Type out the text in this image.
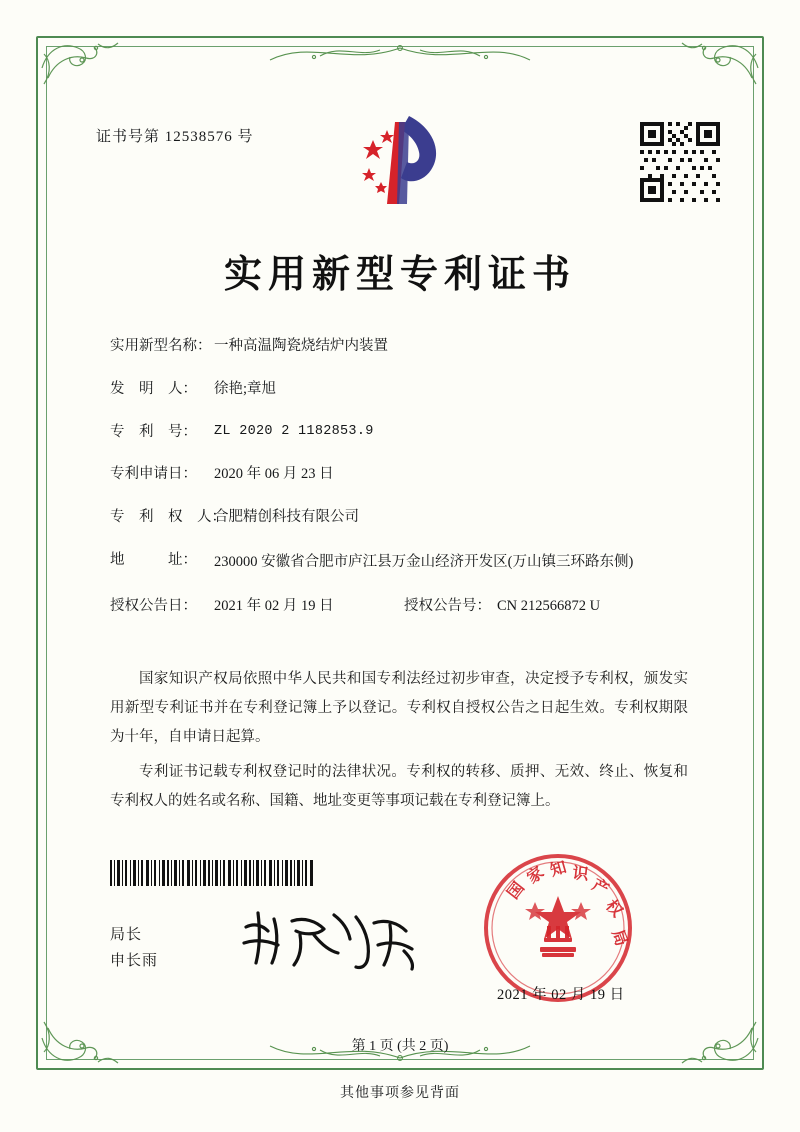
证书号第 12538576 号
实用新型专利证书
实用新型名称： 一种高温陶瓷烧结炉内装置
发　明　人：	徐艳;章旭
专　利　号：	ZL 2020 2 1182853.9
专利申请日：	2020 年 06 月 23 日
专　利　权　人：
合肥精创科技有限公司
地　　　址：	230000 安徽省合肥市庐江县万金山经济开发区(万山镇三环路东侧)
授权公告日：	2021 年 02 月 19 日	授权公告号： CN 212566872 U

国家知识产权局依照中华人民共和国专利法经过初步审查，决定授予专利权，颁发实用新型专利证书并在专利登记簿上予以登记。专利权自授权公告之日起生效。专利权期限为十年，自申请日起算。

专利证书记载专利权登记时的法律状况。专利权的转移、质押、无效、终止、恢复和专利权人的姓名或名称、国籍、地址变更等事项记载在专利登记簿上。

局长
申长雨
国
家 知 识
产
权
局
2021 年 02 月 19 日
第 1 页 (共 2 页)
其他事项参见背面
